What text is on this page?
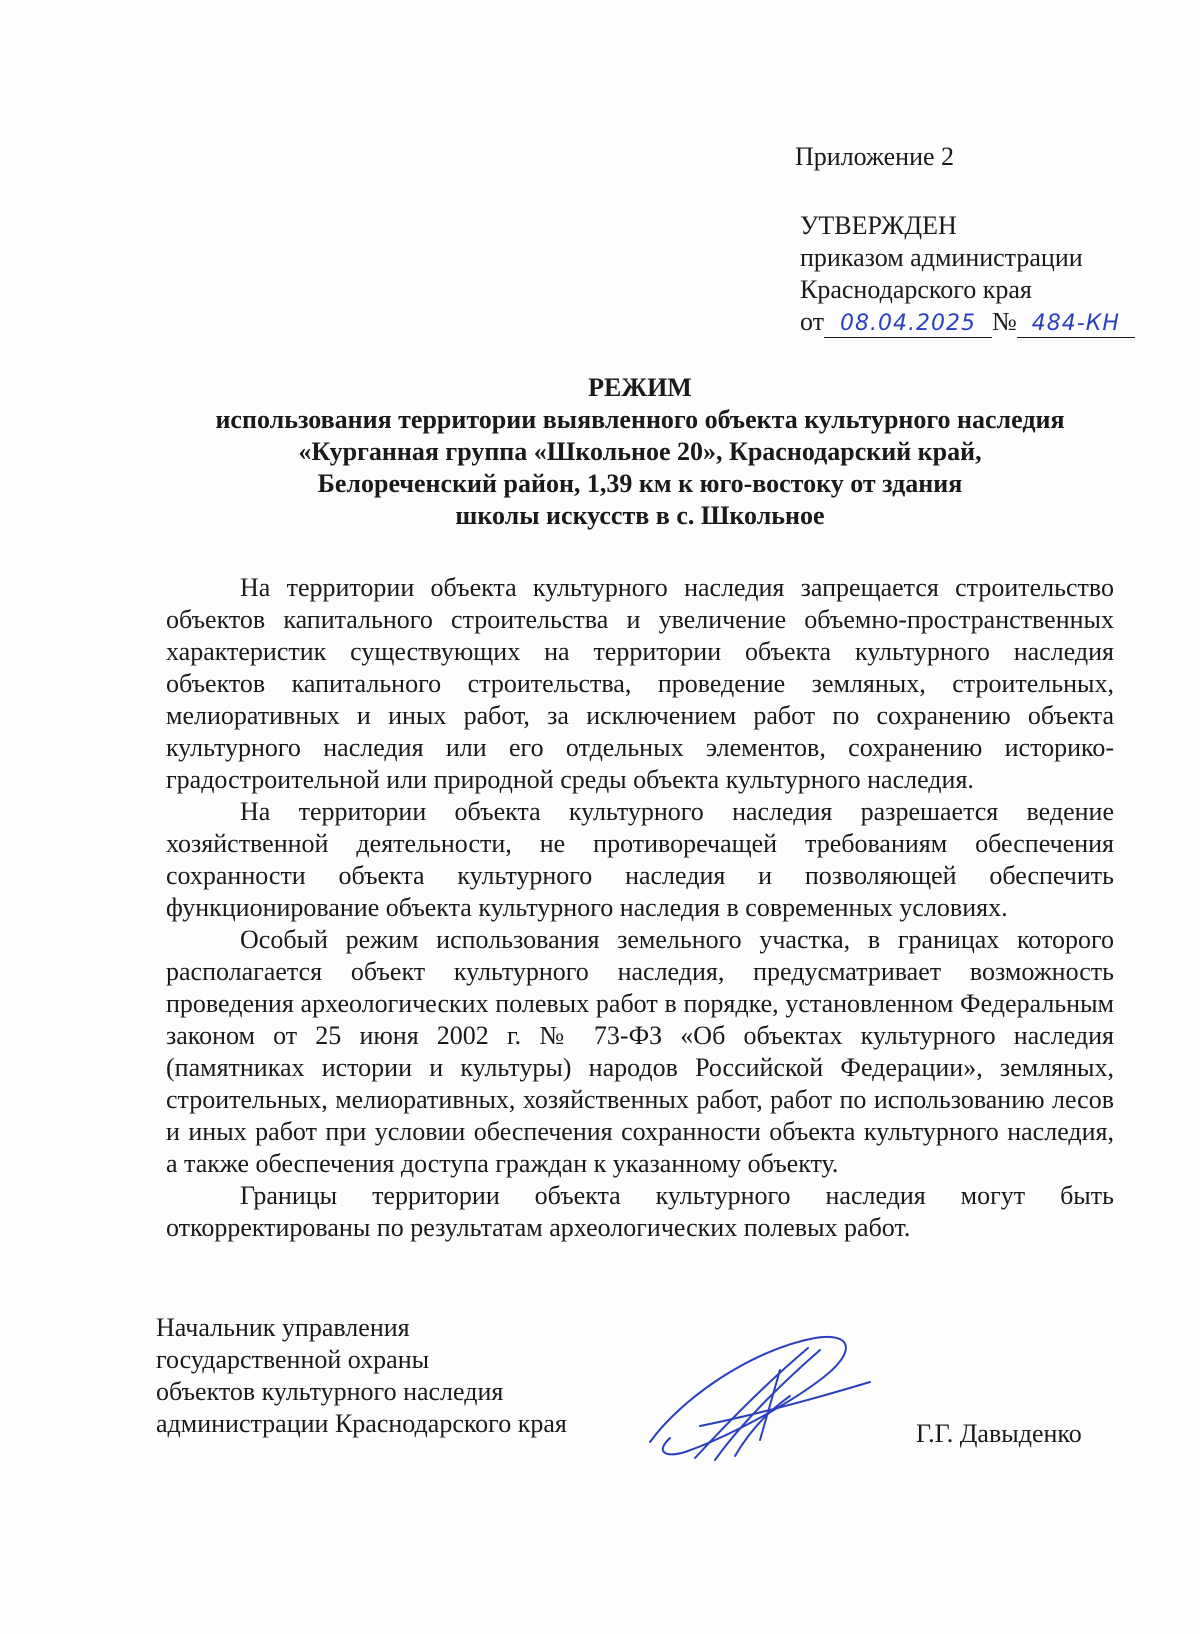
Приложение 2

УТВЕРЖДЕН
приказом администрации
Краснодарского края
от 08.04.2025 № 484-КН
РЕЖИМ
использования территории выявленного объекта культурного наследия
«Курганная группа «Школьное 20», Краснодарский край,
Белореченский район, 1,39 км к юго-востоку от здания
школы искусств в с. Школьное

На территории объекта культурного наследия запрещается строительство объектов капитального строительства и увеличение объемно-пространственных характеристик существующих на территории объекта культурного наследия объектов капитального строительства, проведение земляных, строительных, мелиоративных и иных работ, за исключением работ по сохранению объекта культурного наследия или его отдельных элементов, сохранению историко-градостроительной или природной среды объекта культурного наследия.

На территории объекта культурного наследия разрешается ведение хозяйственной деятельности, не противоречащей требованиям обеспечения сохранности объекта культурного наследия и позволяющей обеспечить функционирование объекта культурного наследия в современных условиях.

Особый режим использования земельного участка, в границах которого располагается объект культурного наследия, предусматривает возможность проведения археологических полевых работ в порядке, установленном Федеральным законом от 25 июня 2002 г. № 73-ФЗ «Об объектах культурного наследия (памятниках истории и культуры) народов Российской Федерации», земляных, строительных, мелиоративных, хозяйственных работ, работ по использованию лесов и иных работ при условии обеспечения сохранности объекта культурного наследия, а также обеспечения доступа граждан к указанному объекту.

Границы территории объекта культурного наследия могут быть откорректированы по результатам археологических полевых работ.

Начальник управления
государственной охраны
объектов культурного наследия
администрации Краснодарского края	Г.Г. Давыденко
